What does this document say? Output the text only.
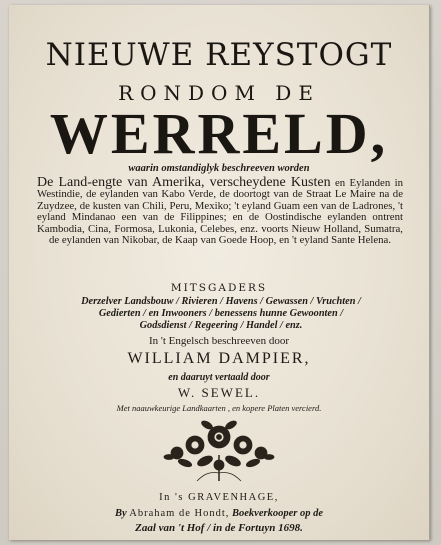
NIEUWE REYSTOGT

RONDOM DE

WERRELD,

waarin omstandiglyk beschreeven worden

De Land-engte van Amerika, verscheydene Kusten en Eylanden in Westindie, de eylanden van Kabo Verde, de doortogt van de Straat Le Maire na de Zuydzee, de kusten van Chili, Peru, Mexiko; 't eyland Guam een van de Ladrones, 't eyland Mindanao een van de Filippines; en de Oostindische eylanden ontrent Kambodia, Cina, Formosa, Lukonia, Celebes, enz. voorts Nieuw Holland, Sumatra, de eylanden van Nikobar, de Kaap van Goede Hoop, en 't eyland Sante Helena.

MITSGADERS

Derzelver Landsbouw / Rivieren / Havens / Gewassen / Vruchten /
Gedierten / en Inwooners / benessens hunne Gewoonten /
Godsdienst / Regeering / Handel / enz.

In 't Engelsch beschreeven door

WILLIAM DAMPIER,

en daaruyt vertaald door

W. SEWEL.

Met naauwkeurige Landkaarten , en kopere Platen vercierd.

In 's GRAVENHAGE,

By Abraham de Hondt, Boekverkooper op de

Zaal van 't Hof / in de Fortuyn 1698.
